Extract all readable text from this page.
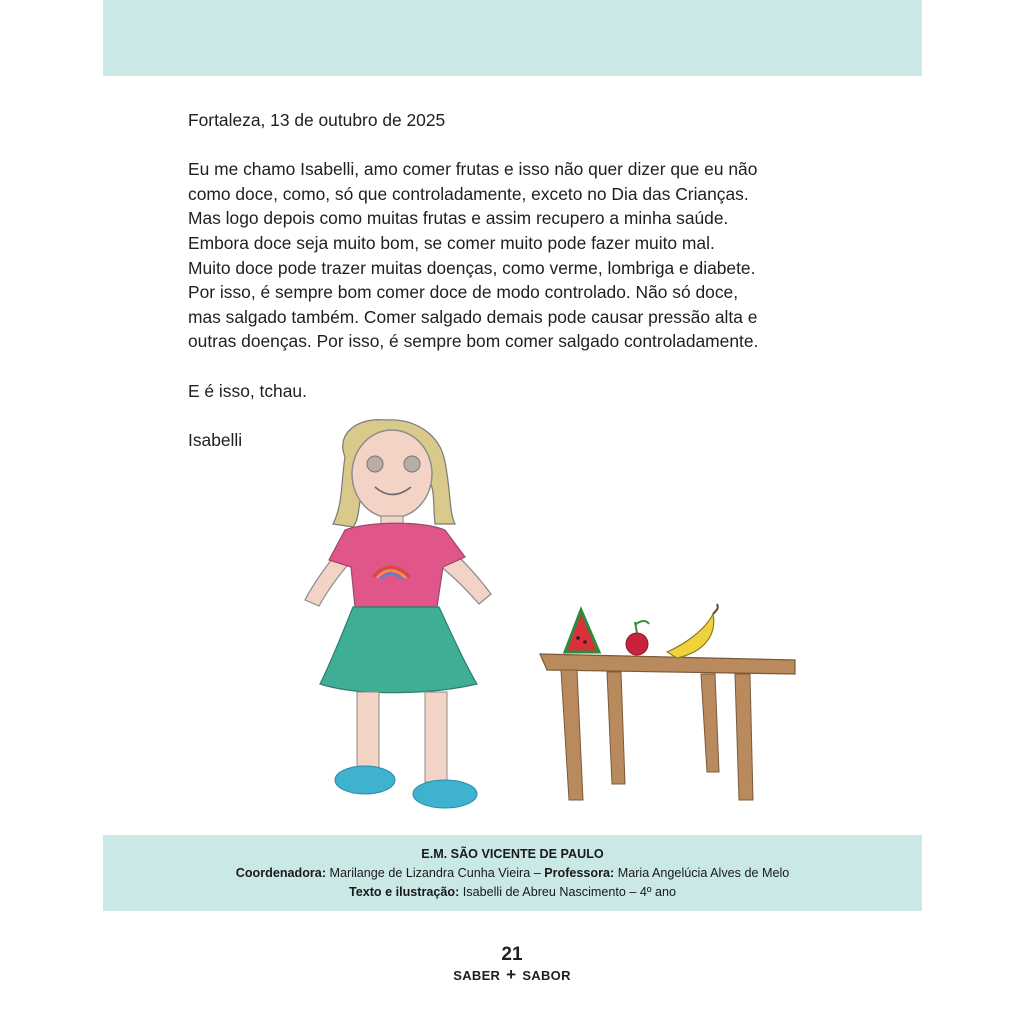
Fortaleza, 13 de outubro de 2025

Eu me chamo Isabelli, amo comer frutas e isso não quer dizer que eu não

como doce, como, só que controladamente, exceto no Dia das Crianças.

Mas logo depois como muitas frutas e assim recupero a minha saúde.

Embora doce seja muito bom, se comer muito pode fazer muito mal.

Muito doce pode trazer muitas doenças, como verme, lombriga e diabete.

Por isso, é sempre bom comer doce de modo controlado. Não só doce,

mas salgado também. Comer salgado demais pode causar pressão alta e

outras doenças. Por isso, é sempre bom comer salgado controladamente.

E é isso, tchau.

Isabelli

E.M. SÃO VICENTE DE PAULO
Coordenadora: Marilange de Lizandra Cunha Vieira – Professora: Maria Angelúcia Alves de Melo
Texto e ilustração: Isabelli de Abreu Nascimento – 4º ano
21
SABER + SABOR
